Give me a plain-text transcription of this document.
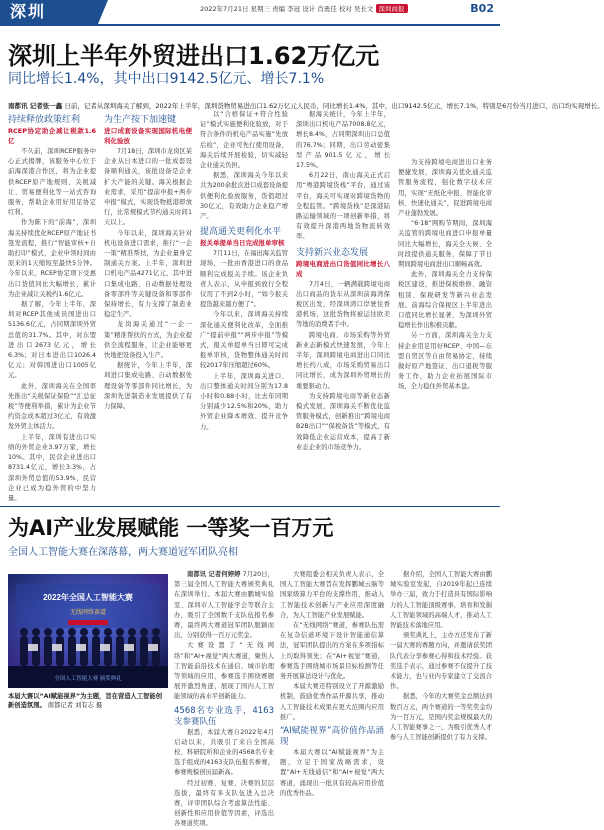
深圳	2022年7月21日 星期三 责编 李冠 设计 肖勇佳 校对 吴长文 深圳商报	B02
深圳上半年外贸进出口1.62万亿元
同比增长1.4%，其中出口9142.5亿元、增长7.1%
南都讯 记者张一鑫 日前，记者从深圳海关了解到，2022年上半年，深圳货物贸易进出口1.62万亿元人民币，同比增长1.4%，其中，出口9142.5亿元，增长7.1%，特别是6月份当月进口、出口均实现增长。
持续释放政策红利
RCEP协定助企减让税款1.6亿

不久前，深圳RCEP服务中心正式揭牌，该服务中心位于前海深港合作区，将为企业提供RCEP原产地规则、关税减让、贸易便利化等一站式咨询服务，帮助企业用好用足协定红利。

作为陈下的“前海”，深圳海关持续优化RCEP原产地证书签发流程，推行“智能审核+自助打印”模式，企业申领时间由原来的1天缩短至最快5分钟。今年以来，RCEP协定项下受惠出口货值同比大幅增长，累计为企业减让关税约1.6亿元。

据了解，今年上半年，深圳对RCEP其他成员国进出口5136.6亿元，占同期深圳外贸总值的31.7%。其中，对东盟进出口2673亿元，增长6.3%；对日本进出口1026.4亿元；对韩国进出口1005亿元。

此外，深圳海关在全国率先推出“关税保证保险”“汇总征税”等便利举措，累计为企业节约资金成本超过3亿元，有效激发外贸主体活力。

上半年，深圳有进出口实绩的外贸企业3.97万家，增长10%。其中，民营企业进出口8731.4亿元，增长3.3%，占深圳外贸总值的53.9%，民营企业已成为稳外贸的中坚力量。

为生产按下加速键
进口成套设备实现国际机电便利化验放

7月18日，深圳市龙岗区某企业从日本进口的一批成套设备顺利通关，该批设备是企业扩大产能的关键。海关根据企业需求，采用“提前申报+两步申报”模式，实现货物抵港即放行，比常规模式节约通关时间1天以上。

今年以来，深圳海关针对机电设备进口需求，推行“一企一策”精准帮扶，为企业量身定制通关方案。上半年，深圳进口机电产品4271亿元，其中进口集成电路、自动数据处理设备零部件等关键设备和零部件保持增长，有力支撑了制造业稳定生产。

龙岗海关通过“一企一策”精准帮扶的方式，为企业提供全流程服务，让企业能够更快地把设备投入生产。

据统计，今年上半年，深圳进口集成电路、自动数据处理设备等零部件同比增长，为深圳先进制造业发展提供了有力保障。

以“合格保证+符合性验证”模式实施便利化验放，对于符合条件的机电产品实施“先放后检”，企业可先行使用设备，海关后续开展检验，切实减轻企业通关负担。

据悉，深圳海关今年以来共为200余批次进口成套设备提供便利化验放服务，货值超过30亿元，有效助力企业稳产增产。

提高通关更利化水平
报关单提单当日完成报单审核

7月11日，在福田海关监管现场，一批由香港进口的食品顺利完成报关手续。该企业负责人表示，从申报到放行全程仅用了不到2小时，“如今报关提货越来越方便了”。

今年以来，深圳海关持续深化通关便利化改革，全面推广“提前申报”“两步申报”等模式，报关单提单当日即可完成报单审核，货物整体通关时间较2017年压缩超过60%。

上半年，深圳海关进口、出口整体通关时间分别为17.8小时和0.88小时，比去年同期分别减少12.5%和20%，助力外贸企业降本增效、提升竞争力。

据海关统计，今年上半年，深圳出口机电产品7008.8亿元，增长8.4%，占同期深圳出口总值的76.7%；同期，出口劳动密集型产品901.5亿元，增长17.5%。

6月22日，南山海关正式启用“粤港跨境货栈”平台，通过该平台，海关可实现对跨境货物的全程监管。“跨境货栈”是深港陆路运输领域的一项创新举措，将有效提升深港两地货物流转效率。

支持新兴业态发展
跨境电商进出口货值同比增长八成

7月4日，一辆满载跨境电商出口商品的货车从深圳前海湾保税区出发，经深圳湾口岸驶往香港机场，这批货物将被运往欧美等地的消费者手中。

跨境电商、市场采购等外贸新业态新模式快速发展，今年上半年，深圳跨境电商进出口同比增长约八成，市场采购贸易出口同比增长，成为深圳外贸增长的重要驱动力。

为支持跨境电商等新业态新模式发展，深圳海关不断优化监管服务模式，创新推出“跨境电商B2B出口”“保税备货”等模式，有效降低企业运营成本，提高了新业态企业的市场竞争力。

为支持跨境电商进出口业务便捷发展，深圳海关优化通关监管服务流程，强化数字技术应用，实现“无纸化申报、智能化审核、快速化通关”，促进跨境电商产业蓬勃发展。

“6·18”网购节期间，深圳海关监管的跨境电商进口申报单量同比大幅增长，海关全天候、全时段提供通关服务，保障了节日期间跨境电商进出口顺畅高效。

此外，深圳海关全力支持保税区建设，推进保税维修、融资租赁、保税研发等新兴业态发展。前海综合保税区上半年进出口值同比增长显著，为深圳外贸稳增长作出积极贡献。

另一方面，深圳海关全力支持企业用足用好RCEP、中国—东盟自贸区等自由贸易协定，持续做好原产地签证、出口退税等服务工作，助力企业拓展国际市场，全力稳住外贸基本盘。

为AI产业发展赋能 一等奖一百万元
全国人工智能大赛在深落幕，两大赛道冠军团队亮相
2022年全国人工智能大赛
无线网络赛道
全国人工智能大赛 颁奖典礼
本届大赛以“AI赋能视界”为主题，旨在营造人工智能创新创造氛围。 南都记者 刘有志 摄

南都讯 记者何婷婷 7月20日，第三届全国人工智能大赛颁奖典礼在深圳举行。本届大赛由鹏城实验室、深圳市人工智能学会等联合主办，吸引了全国数千支队伍报名参赛，最终两大赛道冠军团队脱颖而出，分别获得一百万元奖金。

大赛设置了“无线网络”和“AI+视觉”两大赛道，聚焦人工智能前沿技术在通信、城市治理等领域的应用，参赛选手围绕赛题展开激烈角逐，展现了国内人工智能领域的高水平创新能力。

4568名专业选手，4163支参赛队伍

据悉，本届大赛自2022年4月启动以来，共吸引了来自全国高校、科研院所和企业的4568名专业选手组成的4163支队伍报名参赛，参赛规模创历届新高。

经过初赛、复赛、决赛的层层选拔，最终有多支队伍进入总决赛，评审团队综合考虑算法性能、创新性和应用价值等因素，评选出各赛道奖项。

大赛组委会相关负责人表示，全国人工智能大赛旨在发挥鹏城云脑等国家级算力平台的支撑作用，推动人工智能技术创新与产业应用深度融合，为人工智能产业发展赋能。

在“无线网络”赛道，参赛队伍需在复杂信道环境下设计智能通信算法，冠军团队提出的方案在多项指标上均取得领先；在“AI+视觉”赛道，参赛选手围绕城市场景目标检测等任务开展算法设计与优化。

本届大赛还特别设立了开源激励机制，鼓励优秀作品开源共享，推动人工智能技术成果在更大范围内应用推广。

“AI赋能视界”高价值作品涌现

本届大赛以“AI赋能视界”为主题，立足于国家战略需求，设置“AI+无线通信”和“AI+视觉”两大赛道，涌现出一批具有较高应用价值的优秀作品。

据介绍，全国人工智能大赛由鹏城实验室发起，自2019年起已连续举办三届，致力于打造具有国际影响力的人工智能顶级赛事，培育和发掘人工智能领域的高端人才，推动人工智能技术落地应用。

颁奖典礼上，主办方还发布了新一届大赛的赛题方向，并邀请获奖团队代表分享参赛心得和技术经验。获奖选手表示，通过参赛不仅提升了技术能力，也与业内专家建立了交流合作。

据悉，今年的大赛奖金总额达到数百万元，两个赛道的一等奖奖金均为一百万元，是国内奖金规模最大的人工智能赛事之一，为吸引优秀人才参与人工智能创新提供了有力支撑。
